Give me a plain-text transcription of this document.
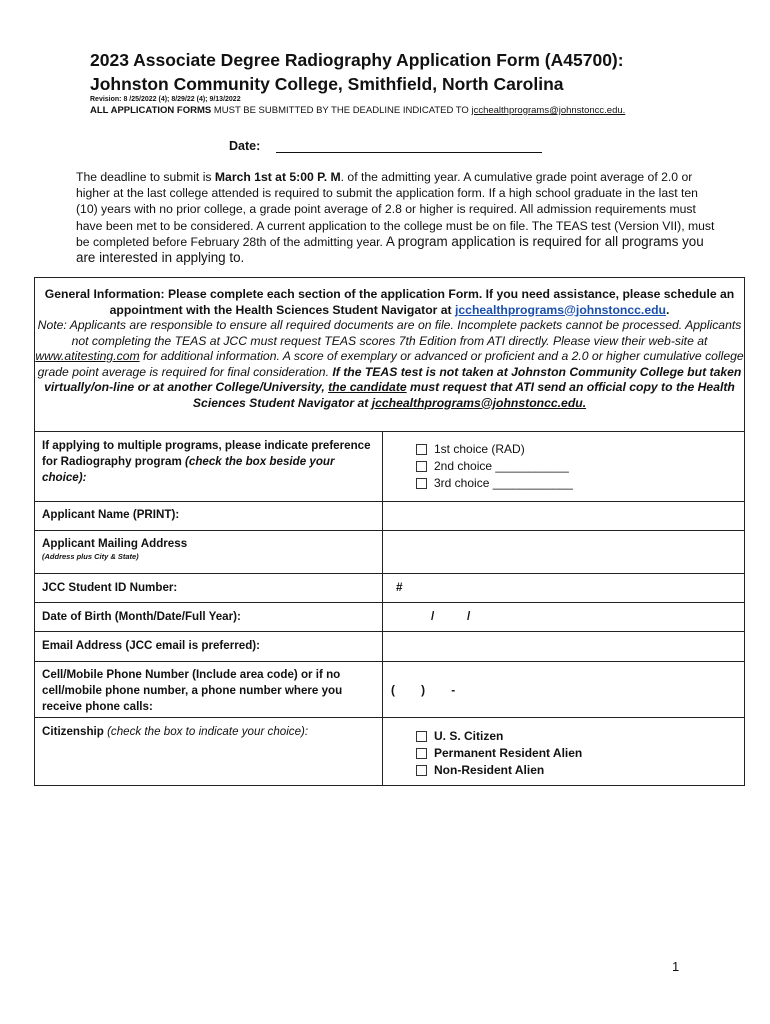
2023 Associate Degree Radiography Application Form (A45700):
Johnston Community College, Smithfield, North Carolina
Revision: 8 /25/2022 (4); 8/29/22 (4); 9/13/2022
ALL APPLICATION FORMS MUST BE SUBMITTED BY THE DEADLINE INDICATED TO jcchealthprograms@johnstoncc.edu.
Date:
The deadline to submit is March 1st at 5:00 P. M. of the admitting year. A cumulative grade point average of 2.0 or higher at the last college attended is required to submit the application form. If a high school graduate in the last ten (10) years with no prior college, a grade point average of 2.8 or higher is required. All admission requirements must have been met to be considered. A current application to the college must be on file. The TEAS test (Version VII), must be completed before February 28th of the admitting year. A program application is required for all programs you are interested in applying to.
General Information: Please complete each section of the application Form. If you need assistance, please schedule an appointment with the Health Sciences Student Navigator at jcchealthprograms@johnstoncc.edu.
Note: Applicants are responsible to ensure all required documents are on file. Incomplete packets cannot be processed. Applicants not completing the TEAS at JCC must request TEAS scores 7th Edition from ATI directly. Please view their web-site at www.atitesting.com for additional information. A score of exemplary or advanced or proficient and a 2.0 or higher cumulative college grade point average is required for final consideration. If the TEAS test is not taken at Johnston Community College but taken virtually/on-line or at another College/University, the candidate must request that ATI send an official copy to the Health Sciences Student Navigator at jcchealthprograms@johnstoncc.edu.
If applying to multiple programs, please indicate preference for Radiography program (check the box beside your choice):
1st choice (RAD)
2nd choice ___________
3rd choice ____________
Applicant Name (PRINT):
Applicant Mailing Address
(Address plus City & State)
JCC Student ID Number:	#
Date of Birth (Month/Date/Full Year):	/          /
Email Address (JCC email is preferred):
Cell/Mobile Phone Number (Include area code) or if no cell/mobile phone number, a phone number where you receive phone calls:
(        )        -
Citizenship (check the box to indicate your choice):	U. S. Citizen
Permanent Resident Alien
Non-Resident Alien
1
